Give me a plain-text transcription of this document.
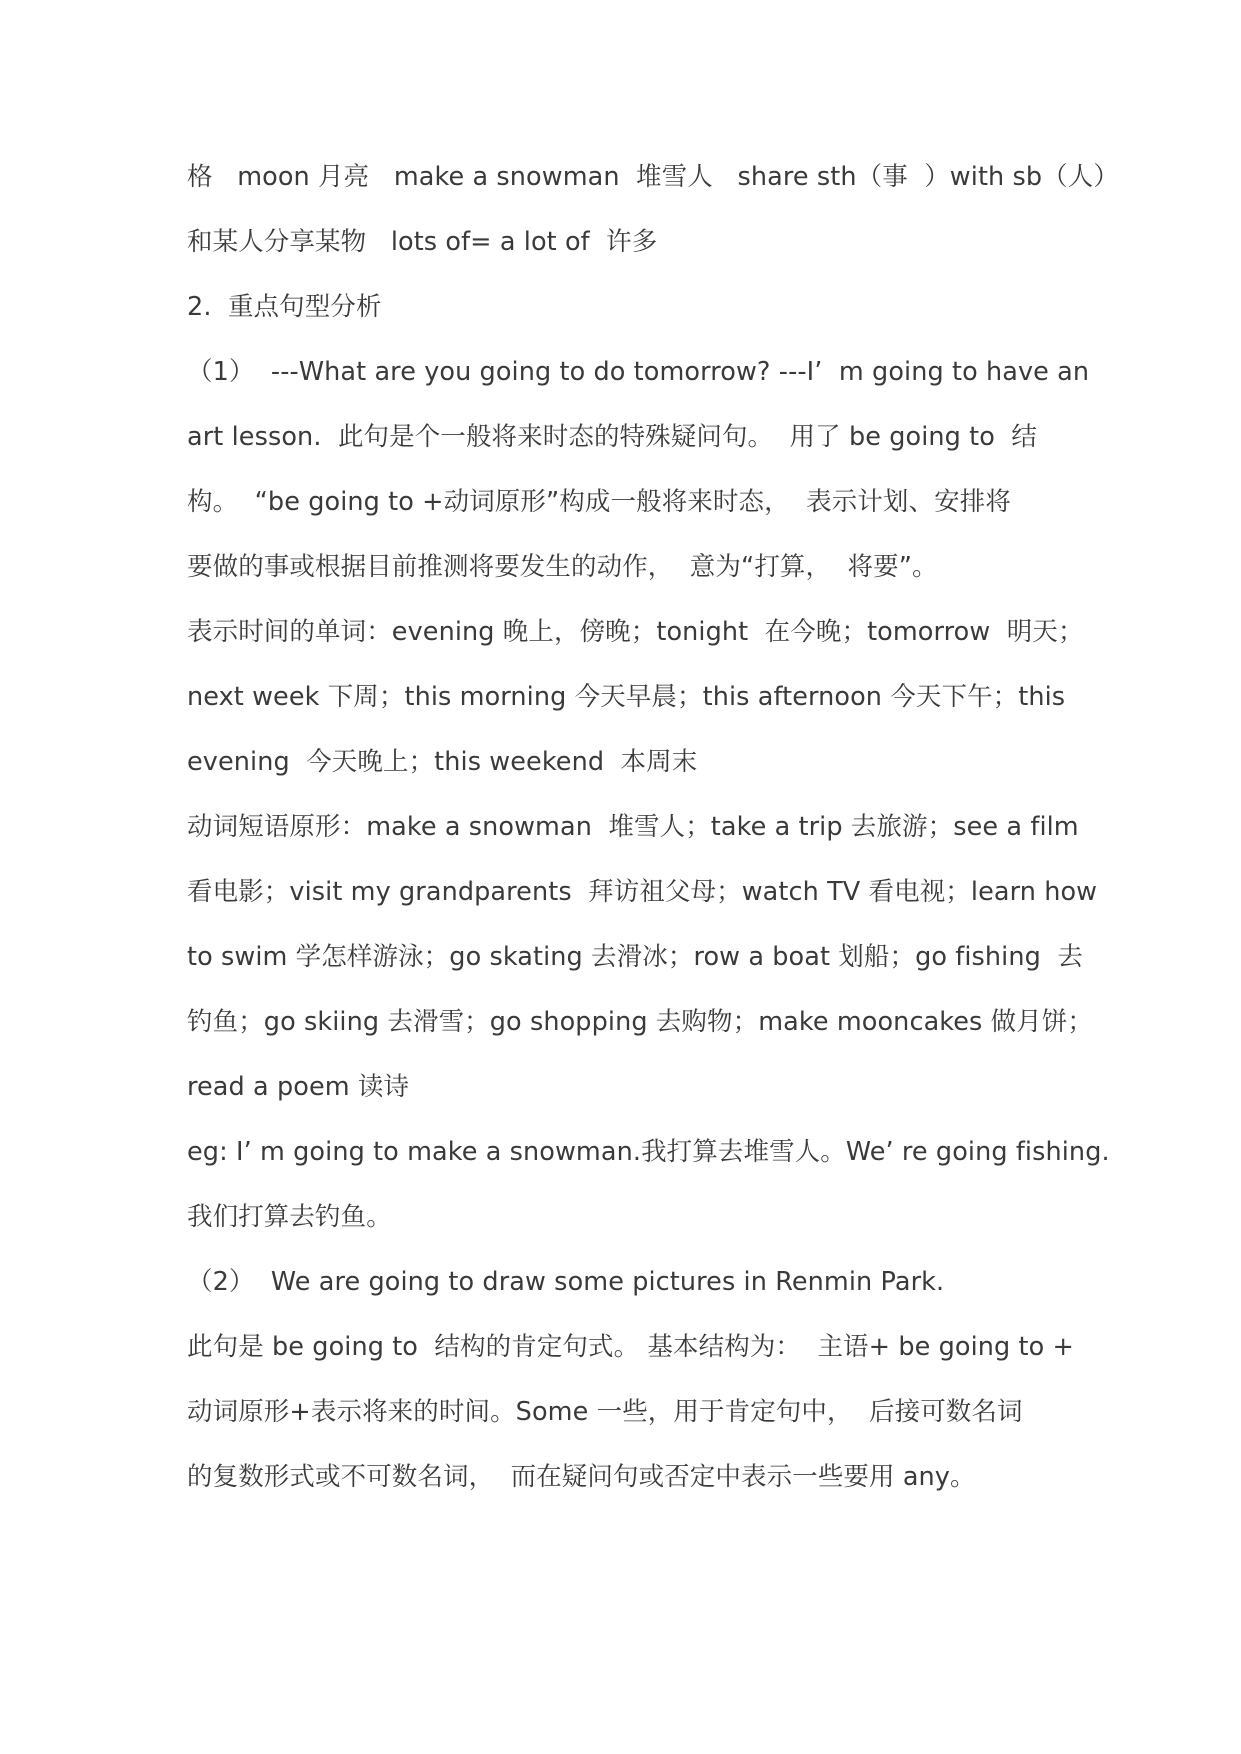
格   moon 月亮   make a snowman  堆雪人   share sth（事  ）with sb（人）
和某人分享某物   lots of= a lot of  许多
2.  重点句型分析
（1）  ---What are you going to do tomorrow? ---I’  m going to have an
art lesson.  此句是个一般将来时态的特殊疑问句。  用了 be going to  结
构。  “be going to +动词原形”构成一般将来时态，  表示计划、安排将
要做的事或根据目前推测将要发生的动作，  意为“打算，  将要”。
表示时间的单词：evening 晚上，傍晚；tonight  在今晚；tomorrow  明天；
next week 下周；this morning 今天早晨；this afternoon 今天下午；this
evening  今天晚上；this weekend  本周末
动词短语原形：make a snowman  堆雪人；take a trip 去旅游；see a film
看电影；visit my grandparents  拜访祖父母；watch TV 看电视；learn how
to swim 学怎样游泳；go skating 去滑冰；row a boat 划船；go fishing  去
钓鱼；go skiing 去滑雪；go shopping 去购物；make mooncakes 做月饼；
read a poem 读诗
eg: I’ m going to make a snowman.我打算去堆雪人。We’ re going fishing.
我们打算去钓鱼。
（2）  We are going to draw some pictures in Renmin Park.
此句是 be going to  结构的肯定句式。 基本结构为：  主语+ be going to +
动词原形+表示将来的时间。Some 一些，用于肯定句中，  后接可数名词
的复数形式或不可数名词，  而在疑问句或否定中表示一些要用 any。
